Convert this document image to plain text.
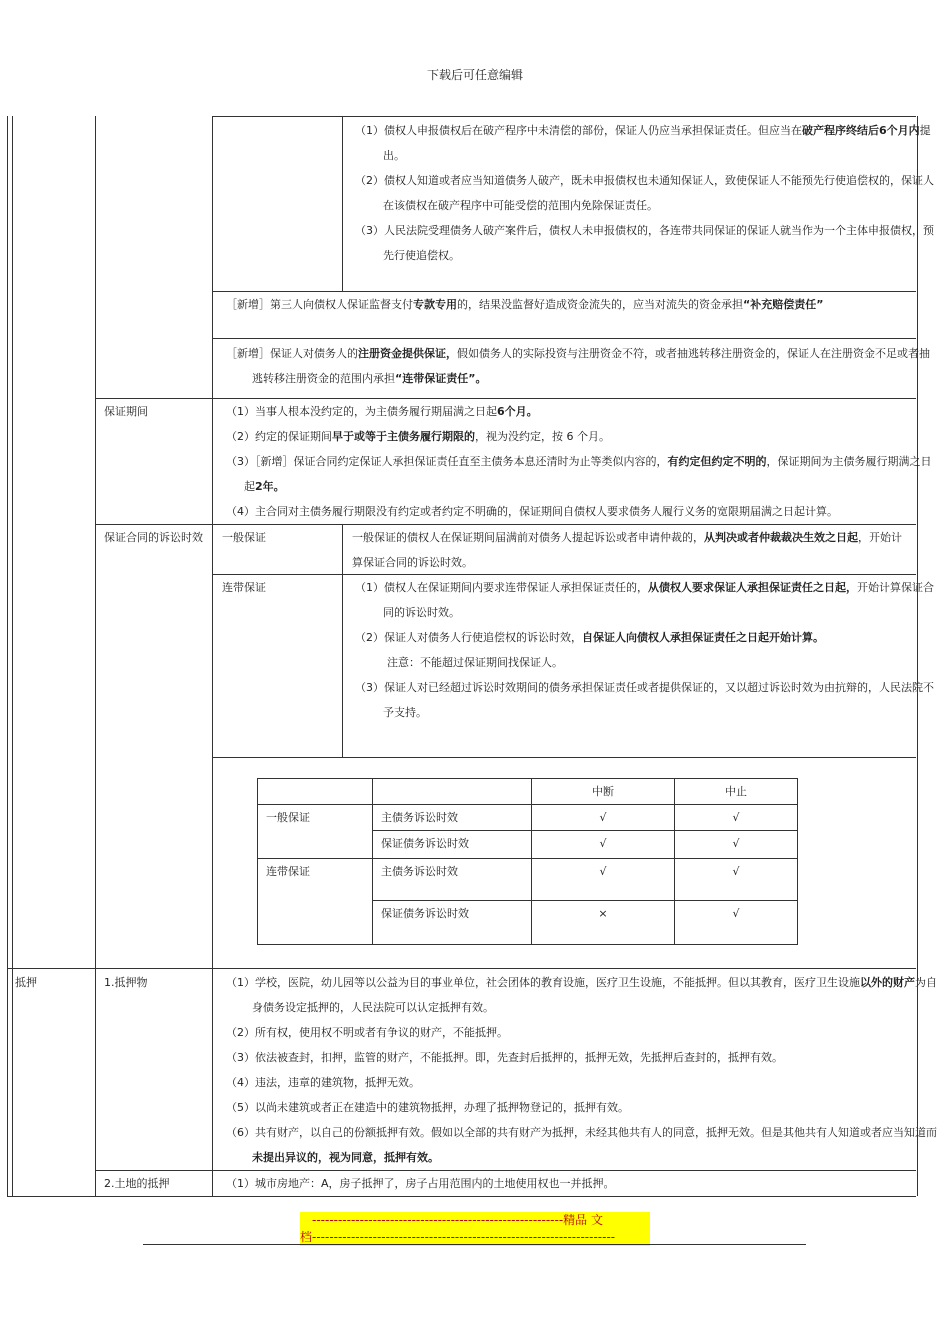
下载后可任意编辑
（1）债权人申报债权后在破产程序中未清偿的部份，保证人仍应当承担保证责任。但应当在破产程序终结后6个月内提出。
（2）债权人知道或者应当知道债务人破产，既未申报债权也未通知保证人，致使保证人不能预先行使追偿权的，保证人在该债权在破产程序中可能受偿的范围内免除保证责任。
（3）人民法院受理债务人破产案件后，债权人未申报债权的，各连带共同保证的保证人就当作为一个主体申报债权，预先行使追偿权。
［新增］第三人向债权人保证监督支付专款专用的，结果没监督好造成资金流失的，应当对流失的资金承担“补充赔偿责任”
［新增］保证人对债务人的注册资金提供保证，假如债务人的实际投资与注册资金不符，或者抽逃转移注册资金的，保证人在注册资金不足或者抽逃转移注册资金的范围内承担“连带保证责任”。
保证期间	（1）当事人根本没约定的，为主债务履行期届满之日起6个月。
（2）约定的保证期间早于或等于主债务履行期限的，视为没约定，按 6 个月。
（3）［新增］保证合同约定保证人承担保证责任直至主债务本息还清时为止等类似内容的，有约定但约定不明的，保证期间为主债务履行期满之日起2年。
（4）主合同对主债务履行期限没有约定或者约定不明确的，保证期间自债权人要求债务人履行义务的宽限期届满之日起计算。
保证合同的诉讼时效	一般保证	一般保证的债权人在保证期间届满前对债务人提起诉讼或者申请仲裁的，从判决或者仲裁裁决生效之日起，开始计算保证合同的诉讼时效。
连带保证	（1）债权人在保证期间内要求连带保证人承担保证责任的，从债权人要求保证人承担保证责任之日起，开始计算保证合同的诉讼时效。
（2）保证人对债务人行使追偿权的诉讼时效，自保证人向债权人承担保证责任之日起开始计算。
注意：不能超过保证期间找保证人。
（3）保证人对已经超过诉讼时效期间的债务承担保证责任或者提供保证的，又以超过诉讼时效为由抗辩的，人民法院不予支持。
		中断	中止
一般保证	主债务诉讼时效	√	√
	保证债务诉讼时效	√	√
连带保证	主债务诉讼时效	√	√
	保证债务诉讼时效	×	√
抵押	1.抵押物	（1）学校，医院，幼儿园等以公益为目的事业单位，社会团体的教育设施，医疗卫生设施，不能抵押。但以其教育，医疗卫生设施以外的财产为自身债务设定抵押的，人民法院可以认定抵押有效。
（2）所有权，使用权不明或者有争议的财产，不能抵押。
（3）依法被查封，扣押，监管的财产，不能抵押。即，先查封后抵押的，抵押无效，先抵押后查封的，抵押有效。
（4）违法，违章的建筑物，抵押无效。
（5）以尚未建筑或者正在建造中的建筑物抵押，办理了抵押物登记的，抵押有效。
（6）共有财产，以自己的份额抵押有效。假如以全部的共有财产为抵押，未经其他共有人的同意，抵押无效。但是其他共有人知道或者应当知道而未提出异议的，视为同意，抵押有效。
2.土地的抵押	（1）城市房地产：A，房子抵押了，房子占用范围内的土地使用权也一并抵押。
----------------------------------------------------------精品 文
档----------------------------------------------------------------------
